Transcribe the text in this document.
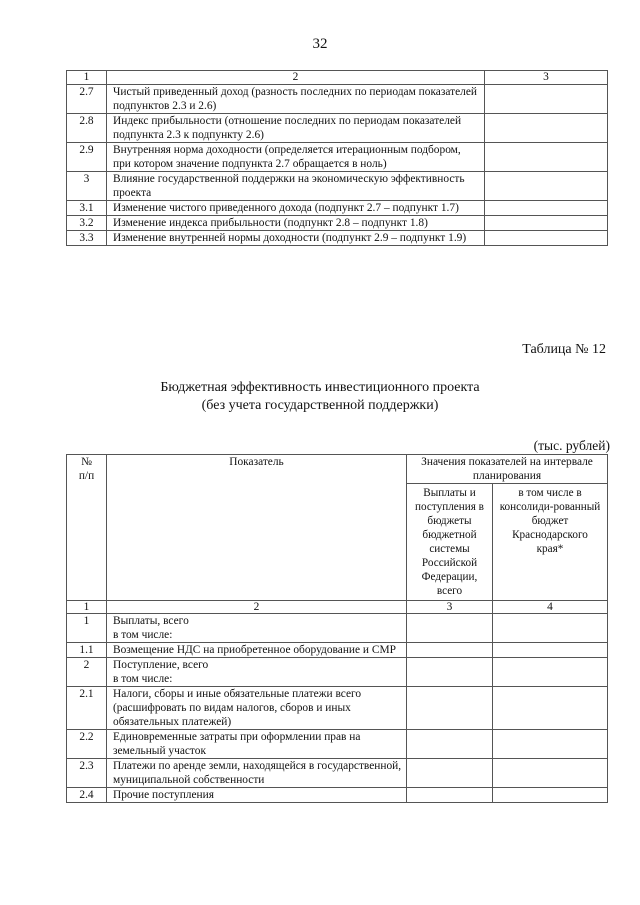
32
1	2	3
2.7	Чистый приведенный доход (разность последних по периодам показателей подпунктов 2.3 и 2.6)	
2.8	Индекс прибыльности (отношение последних по периодам показателей подпункта 2.3 к подпункту 2.6)	
2.9	Внутренняя норма доходности (определяется итерационным подбором, при котором значение подпункта 2.7 обращается в ноль)	
3	Влияние государственной поддержки на экономическую эффективность проекта	
3.1	Изменение чистого приведенного дохода (подпункт 2.7 – подпункт 1.7)	
3.2	Изменение индекса прибыльности (подпункт 2.8 – подпункт 1.8)	
3.3	Изменение внутренней нормы доходности (подпункт 2.9 – подпункт 1.9)	
Таблица № 12
Бюджетная эффективность инвестиционного проекта
(без учета государственной поддержки)
(тыс. рублей)
№ п/п	Показатель	Значения показателей на интервале планирования	
		Выплаты и поступления в бюджеты бюджетной системы Российской Федерации, всего	в том числе в консолиди-рованный бюджет Краснодарского края*
1	2	3	4
1	Выплаты, всего
в том числе:		
1.1	Возмещение НДС на приобретенное оборудование и СМР		
2	Поступление, всего
в том числе:		
2.1	Налоги, сборы и иные обязательные платежи всего (расшифровать по видам налогов, сборов и иных обязательных платежей)		
2.2	Единовременные затраты при оформлении прав на земельный участок		
2.3	Платежи по аренде земли, находящейся в государственной, муниципальной собственности		
2.4	Прочие поступления		
